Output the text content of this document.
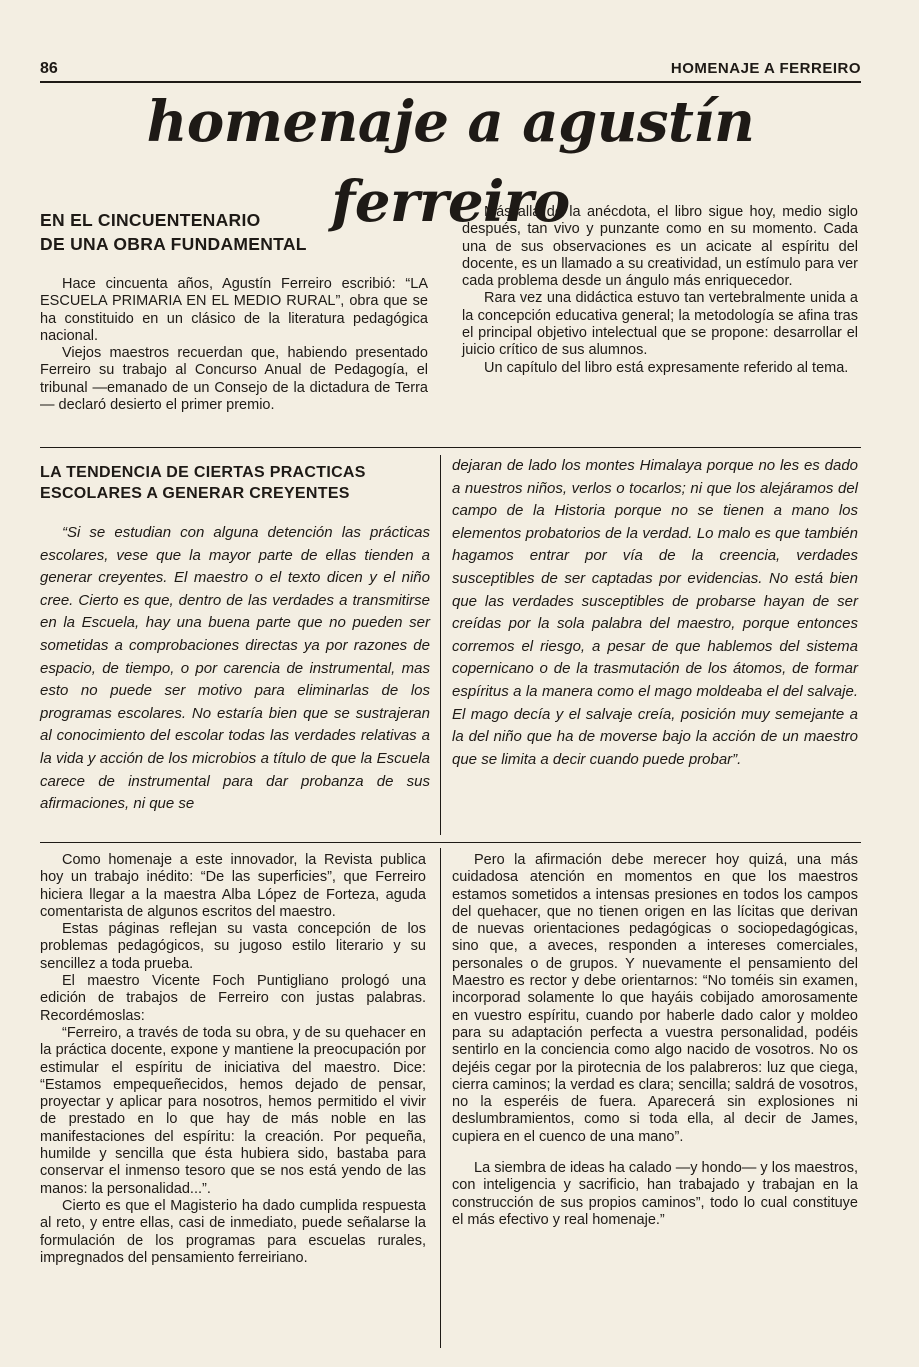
86	HOMENAJE A FERREIRO
homenaje a agustín ferreiro
EN EL CINCUENTENARIO
DE UNA OBRA FUNDAMENTAL

Hace cincuenta años, Agustín Ferreiro escribió: “LA ESCUELA PRIMARIA EN EL MEDIO RURAL”, obra que se ha constituido en un clásico de la literatura pedagógica nacional.

Viejos maestros recuerdan que, habiendo presentado Ferreiro su trabajo al Concurso Anual de Pedagogía, el tribunal —emanado de un Consejo de la dictadura de Terra— declaró desierto el primer premio.

Más allá de la anécdota, el libro sigue hoy, medio siglo después, tan vivo y punzante como en su momento. Cada una de sus observaciones es un acicate al espíritu del docente, es un llamado a su creatividad, un estímulo para ver cada problema desde un ángulo más enriquecedor.

Rara vez una didáctica estuvo tan vertebralmente unida a la concepción educativa general; la metodología se afina tras el principal objetivo intelectual que se propone: desarrollar el juicio crítico de sus alumnos.

Un capítulo del libro está expresamente referido al tema.

LA TENDENCIA DE CIERTAS PRACTICAS
ESCOLARES A GENERAR CREYENTES

“Si se estudian con alguna detención las prácticas escolares, vese que la mayor parte de ellas tienden a generar creyentes. El maestro o el texto dicen y el niño cree. Cierto es que, dentro de las verdades a transmitirse en la Escuela, hay una buena parte que no pueden ser sometidas a comprobaciones directas ya por razones de espacio, de tiempo, o por carencia de instrumental, mas esto no puede ser motivo para eliminarlas de los programas escolares. No estaría bien que se sustrajeran al conocimiento del escolar todas las verdades relativas a la vida y acción de los microbios a título de que la Escuela carece de instrumental para dar probanza de sus afirmaciones, ni que se

dejaran de lado los montes Himalaya porque no les es dado a nuestros niños, verlos o tocarlos; ni que los alejáramos del campo de la Historia porque no se tienen a mano los elementos probatorios de la verdad. Lo malo es que también hagamos entrar por vía de la creencia, verdades susceptibles de ser captadas por evidencias. No está bien que las verdades susceptibles de probarse hayan de ser creídas por la sola palabra del maestro, porque entonces corremos el riesgo, a pesar de que hablemos del sistema copernicano o de la trasmutación de los átomos, de formar espíritus a la manera como el mago moldeaba el del salvaje. El mago decía y el salvaje creía, posición muy semejante a la del niño que ha de moverse bajo la acción de un maestro que se limita a decir cuando puede probar”.

Como homenaje a este innovador, la Revista publica hoy un trabajo inédito: “De las superficies”, que Ferreiro hiciera llegar a la maestra Alba López de Forteza, aguda comentarista de algunos escritos del maestro.

Estas páginas reflejan su vasta concepción de los problemas pedagógicos, su jugoso estilo literario y su sencillez a toda prueba.

El maestro Vicente Foch Puntigliano prologó una edición de trabajos de Ferreiro con justas palabras. Recordémoslas:

“Ferreiro, a través de toda su obra, y de su quehacer en la práctica docente, expone y mantiene la preocupación por estimular el espíritu de iniciativa del maestro. Dice: “Estamos empequeñecidos, hemos dejado de pensar, proyectar y aplicar para nosotros, hemos permitido el vivir de prestado en lo que hay de más noble en las manifestaciones del espíritu: la creación. Por pequeña, humilde y sencilla que ésta hubiera sido, bastaba para conservar el inmenso tesoro que se nos está yendo de las manos: la personalidad...”.

Cierto es que el Magisterio ha dado cumplida respuesta al reto, y entre ellas, casi de inmediato, puede señalarse la formulación de los programas para escuelas rurales, impregnados del pensamiento ferreiriano.

Pero la afirmación debe merecer hoy quizá, una más cuidadosa atención en momentos en que los maestros estamos sometidos a intensas presiones en todos los campos del quehacer, que no tienen origen en las lícitas que derivan de nuevas orientaciones pedagógicas o sociopedagógicas, sino que, a aveces, responden a intereses comerciales, personales o de grupos. Y nuevamente el pensamiento del Maestro es rector y debe orientarnos: “No toméis sin examen, incorporad solamente lo que hayáis cobijado amorosamente en vuestro espíritu, cuando por haberle dado calor y moldeo para su adaptación perfecta a vuestra personalidad, podéis sentirlo en la conciencia como algo nacido de vosotros. No os dejéis cegar por la pirotecnia de los palabreros: luz que ciega, cierra caminos; la verdad es clara; sencilla; saldrá de vosotros, no la esperéis de fuera. Aparecerá sin explosiones ni deslumbramientos, como si toda ella, al decir de James, cupiera en el cuenco de una mano”.

La siembra de ideas ha calado —y hondo— y los maestros, con inteligencia y sacrificio, han trabajado y trabajan en la construcción de sus propios caminos”, todo lo cual constituye el más efectivo y real homenaje.”
